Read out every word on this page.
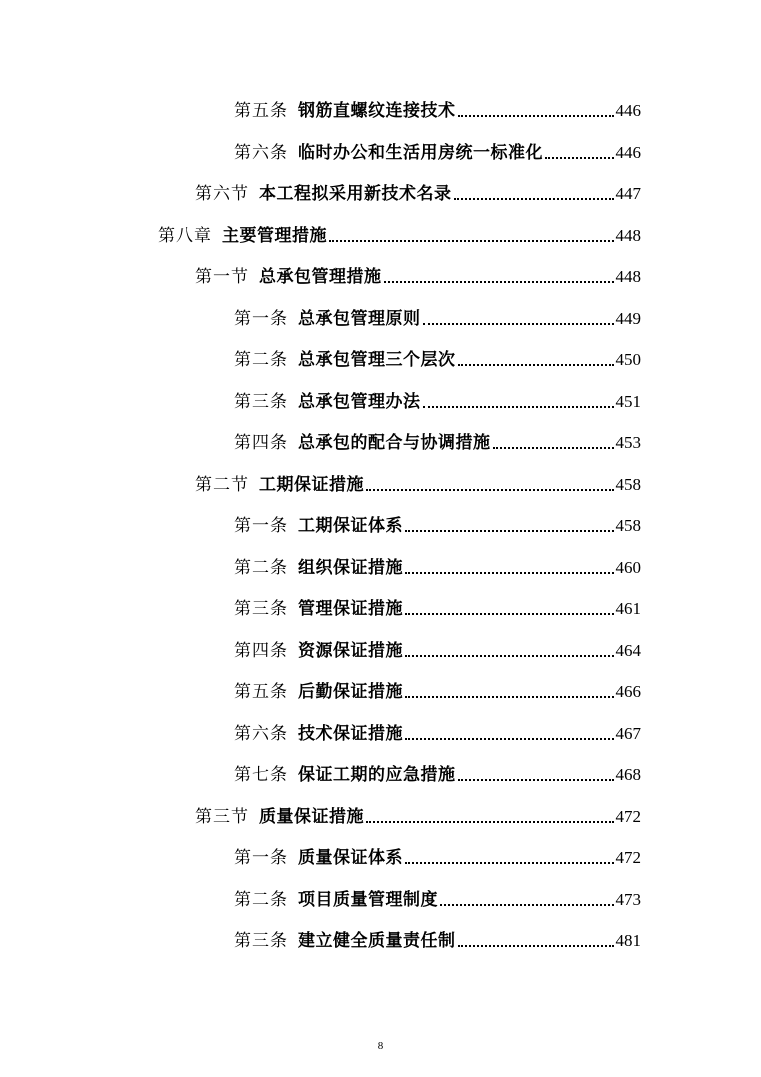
第五条 钢筋直螺纹连接技术	446
第六条 临时办公和生活用房统一标准化	446
第六节 本工程拟采用新技术名录	447
第八章 主要管理措施	448
第一节 总承包管理措施	448
第一条 总承包管理原则	449
第二条 总承包管理三个层次	450
第三条 总承包管理办法	451
第四条 总承包的配合与协调措施	453
第二节 工期保证措施	458
第一条 工期保证体系	458
第二条 组织保证措施	460
第三条 管理保证措施	461
第四条 资源保证措施	464
第五条 后勤保证措施	466
第六条 技术保证措施	467
第七条 保证工期的应急措施	468
第三节 质量保证措施	472
第一条 质量保证体系	472
第二条 项目质量管理制度	473
第三条 建立健全质量责任制	481
8
